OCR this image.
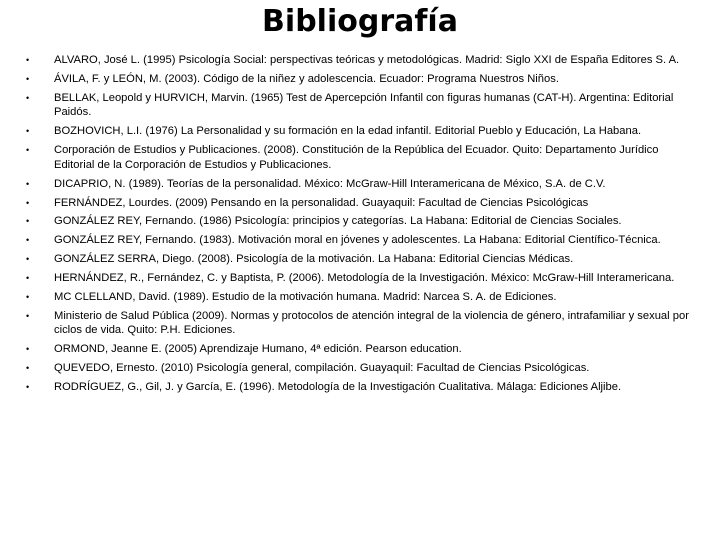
Bibliografía
• ALVARO, José L. (1995) Psicología Social: perspectivas teóricas y metodológicas. Madrid: Siglo XXI de España Editores S. A.
• ÁVILA, F. y LEÓN, M. (2003). Código de la niñez y adolescencia. Ecuador: Programa Nuestros Niños.
• BELLAK, Leopold y HURVICH, Marvin. (1965) Test de Apercepción Infantil con figuras humanas (CAT-H). Argentina: Editorial Paidós.
• BOZHOVICH, L.I. (1976) La Personalidad y su formación en la edad infantil. Editorial Pueblo y Educación, La Habana.
• Corporación de Estudios y Publicaciones. (2008). Constitución de la República del Ecuador. Quito: Departamento Jurídico Editorial de la Corporación de Estudios y Publicaciones.
• DICAPRIO, N. (1989). Teorías de la personalidad. México: McGraw-Hill Interamericana de México, S.A. de C.V.
• FERNÁNDEZ, Lourdes. (2009) Pensando en la personalidad. Guayaquil: Facultad de Ciencias Psicológicas
• GONZÁLEZ REY, Fernando. (1986) Psicología: principios y categorías. La Habana: Editorial de Ciencias Sociales.
• GONZÁLEZ REY, Fernando. (1983). Motivación moral en jóvenes y adolescentes. La Habana: Editorial Científico-Técnica.
• GONZÁLEZ SERRA, Diego. (2008). Psicología de la motivación. La Habana: Editorial Ciencias Médicas.
• HERNÁNDEZ, R., Fernández, C. y Baptista, P. (2006). Metodología de la Investigación. México: McGraw-Hill Interamericana.
• MC CLELLAND, David. (1989). Estudio de la motivación humana. Madrid: Narcea S. A. de Ediciones.
• Ministerio de Salud Pública (2009). Normas y protocolos de atención integral de la violencia de género, intrafamiliar y sexual por ciclos de vida. Quito: P.H. Ediciones.
• ORMOND, Jeanne E. (2005) Aprendizaje Humano, 4ª edición. Pearson education.
• QUEVEDO, Ernesto. (2010) Psicología general, compilación. Guayaquil: Facultad de Ciencias Psicológicas.
• RODRÍGUEZ, G., Gil, J. y García, E. (1996). Metodología de la Investigación Cualitativa. Málaga: Ediciones Aljibe.
